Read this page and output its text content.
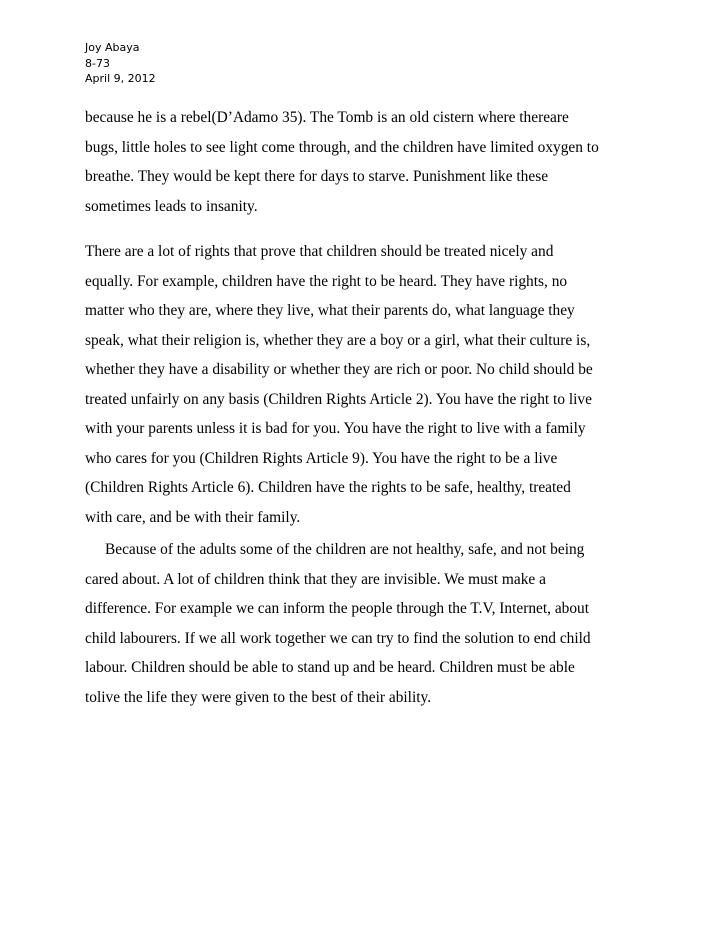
Joy Abaya
8-73
April 9, 2012
because he is a rebel(D’Adamo 35). The Tomb is an old cistern where thereare
bugs, little holes to see light come through, and the children have limited oxygen to
breathe. They would be kept there for days to starve. Punishment like these
sometimes leads to insanity.
There are a lot of rights that prove that children should be treated nicely and
equally. For example, children have the right to be heard. They have rights, no
matter who they are, where they live, what their parents do, what language they
speak, what their religion is, whether they are a boy or a girl, what their culture is,
whether they have a disability or whether they are rich or poor. No child should be
treated unfairly on any basis (Children Rights Article 2). You have the right to live
with your parents unless it is bad for you. You have the right to live with a family
who cares for you (Children Rights Article 9). You have the right to be a live
(Children Rights Article 6). Children have the rights to be safe, healthy, treated
with care, and be with their family.
Because of the adults some of the children are not healthy, safe, and not being
cared about. A lot of children think that they are invisible. We must make a
difference. For example we can inform the people through the T.V, Internet, about
child labourers. If we all work together we can try to find the solution to end child
labour. Children should be able to stand up and be heard. Children must be able
tolive the life they were given to the best of their ability.
